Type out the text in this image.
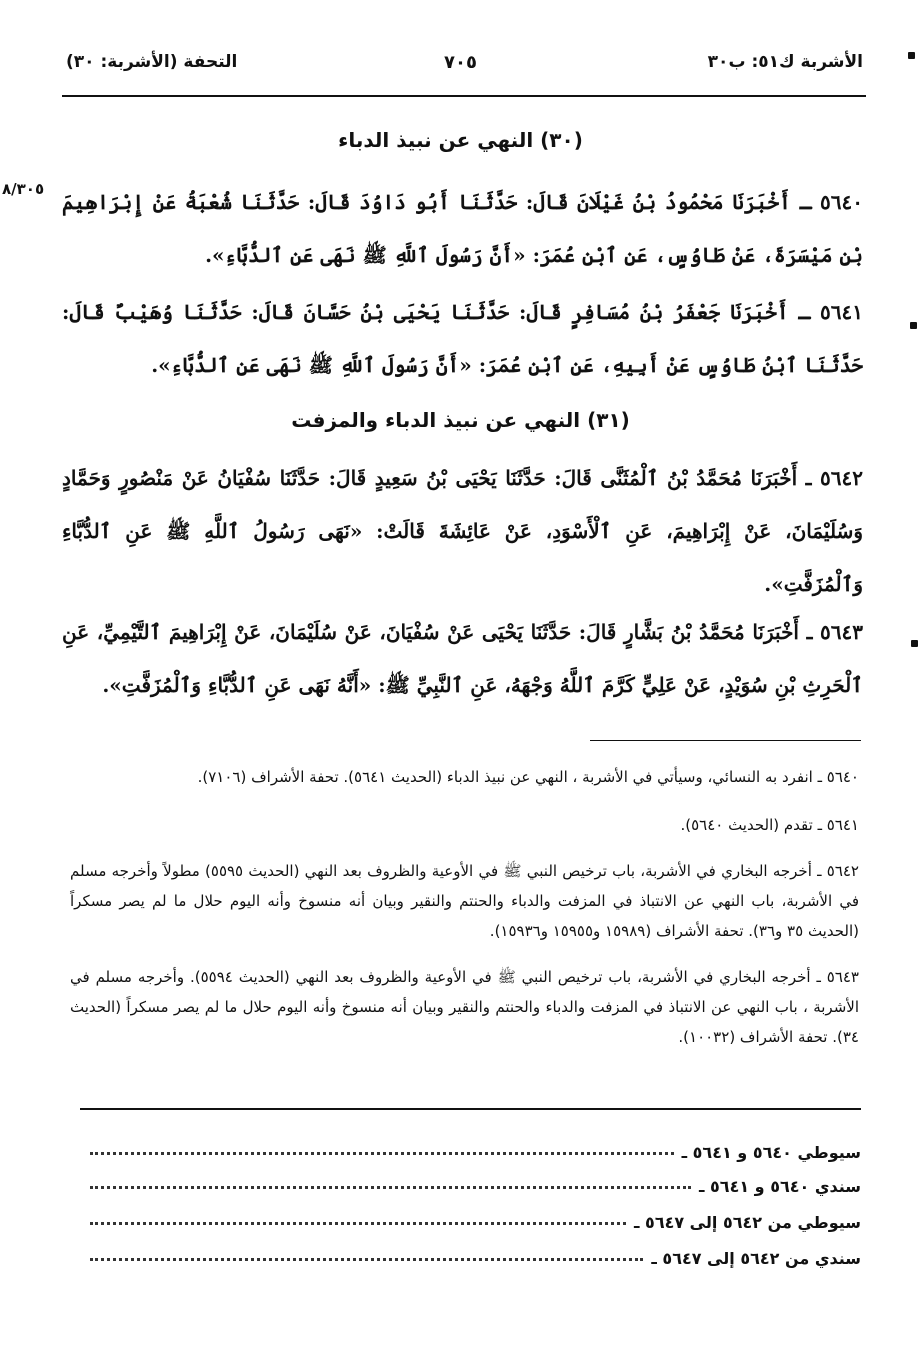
الأشربة ك٥١: ب٣٠
٧٠٥
التحفة (الأشربة: ٣٠)
٨/٣٠٥
(٣٠) النهي عن نبيذ الدباء
٥٦٤٠ ـ أَخْبَرَنَا مَحْمُودُ بْنُ غَيْلَانَ قَالَ: حَدَّثَنَا أَبُو دَاوُدَ قَالَ: حَدَّثَنَا شُعْبَةُ عَنْ إِبْرَاهِيمَ بْنِ مَيْسَرَةَ، عَنْ طَاوُسٍ، عَنِ ٱبْنِ عُمَرَ: «أَنَّ رَسُولَ ٱللَّهِ ﷺ نَهَى عَنِ ٱلدُّبَّاءِ».
٥٦٤١ ـ أَخْبَرَنَا جَعْفَرُ بْنُ مُسَافِرٍ قَالَ: حَدَّثَنَا يَحْيَى بْنُ حَسَّانَ قَالَ: حَدَّثَنَا وُهَيْبٌ قَالَ: حَدَّثَنَا ٱبْنُ طَاوُسٍ عَنْ أَبِيهِ، عَنِ ٱبْنِ عُمَرَ: «أَنَّ رَسُولَ ٱللَّهِ ﷺ نَهَى عَنِ ٱلدُّبَّاءِ».
(٣١) النهي عن نبيذ الدباء والمزفت
٥٦٤٢ ـ أَخْبَرَنَا مُحَمَّدُ بْنُ ٱلْمُثَنَّى قَالَ: حَدَّثَنَا يَحْيَى بْنُ سَعِيدٍ قَالَ: حَدَّثَنَا سُفْيَانُ عَنْ مَنْصُورٍ وَحَمَّادٍ وَسُلَيْمَانَ، عَنْ إِبْرَاهِيمَ، عَنِ ٱلْأَسْوَدِ، عَنْ عَائِشَةَ قَالَتْ: «نَهَى رَسُولُ ٱللَّهِ ﷺ عَنِ ٱلدُّبَّاءِ وَٱلْمُزَفَّتِ».
٥٦٤٣ ـ أَخْبَرَنَا مُحَمَّدُ بْنُ بَشَّارٍ قَالَ: حَدَّثَنَا يَحْيَى عَنْ سُفْيَانَ، عَنْ سُلَيْمَانَ، عَنْ إِبْرَاهِيمَ ٱلتَّيْمِيِّ، عَنِ ٱلْحَرِثِ بْنِ سُوَيْدٍ، عَنْ عَلِيٍّ كَرَّمَ ٱللَّهُ وَجْهَهُ، عَنِ ٱلنَّبِيِّ ﷺ: «أَنَّهُ نَهَى عَنِ ٱلدُّبَّاءِ وَٱلْمُزَفَّتِ».
٥٦٤٠ ـ انفرد به النسائي، وسيأتي في الأشربة ، النهي عن نبيذ الدباء (الحديث ٥٦٤١). تحفة الأشراف (٧١٠٦).
٥٦٤١ ـ تقدم (الحديث ٥٦٤٠).
٥٦٤٢ ـ أخرجه البخاري في الأشربة، باب ترخيص النبي ﷺ في الأوعية والظروف بعد النهي (الحديث ٥٥٩٥) مطولاً وأخرجه مسلم في الأشربة، باب النهي عن الانتباذ في المزفت والدباء والحنتم والنقير وبيان أنه منسوخ وأنه اليوم حلال ما لم يصر مسكراً (الحديث ٣٥ و٣٦). تحفة الأشراف (١٥٩٨٩ و١٥٩٥٥ و١٥٩٣٦).
٥٦٤٣ ـ أخرجه البخاري في الأشربة، باب ترخيص النبي ﷺ في الأوعية والظروف بعد النهي (الحديث ٥٥٩٤). وأخرجه مسلم في الأشربة ، باب النهي عن الانتباذ في المزفت والدباء والحنتم والنقير وبيان أنه منسوخ وأنه اليوم حلال ما لم يصر مسكراً (الحديث ٣٤). تحفة الأشراف (١٠٠٣٢).
سيوطي ٥٦٤٠ و ٥٦٤١ ـ
سندي ٥٦٤٠ و ٥٦٤١ ـ
سيوطي من ٥٦٤٢ إلى ٥٦٤٧ ـ
سندي من ٥٦٤٢ إلى ٥٦٤٧ ـ
